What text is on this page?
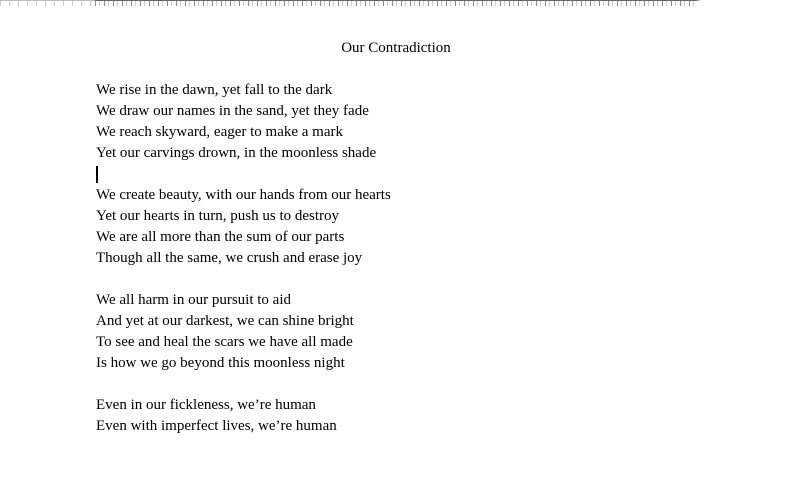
Our Contradiction
We rise in the dawn, yet fall to the dark
We draw our names in the sand, yet they fade
We reach skyward, eager to make a mark
Yet our carvings drown, in the moonless shade
We create beauty, with our hands from our hearts
Yet our hearts in turn, push us to destroy
We are all more than the sum of our parts
Though all the same, we crush and erase joy
We all harm in our pursuit to aid
And yet at our darkest, we can shine bright
To see and heal the scars we have all made
Is how we go beyond this moonless night
Even in our fickleness, we’re human
Even with imperfect lives, we’re human
